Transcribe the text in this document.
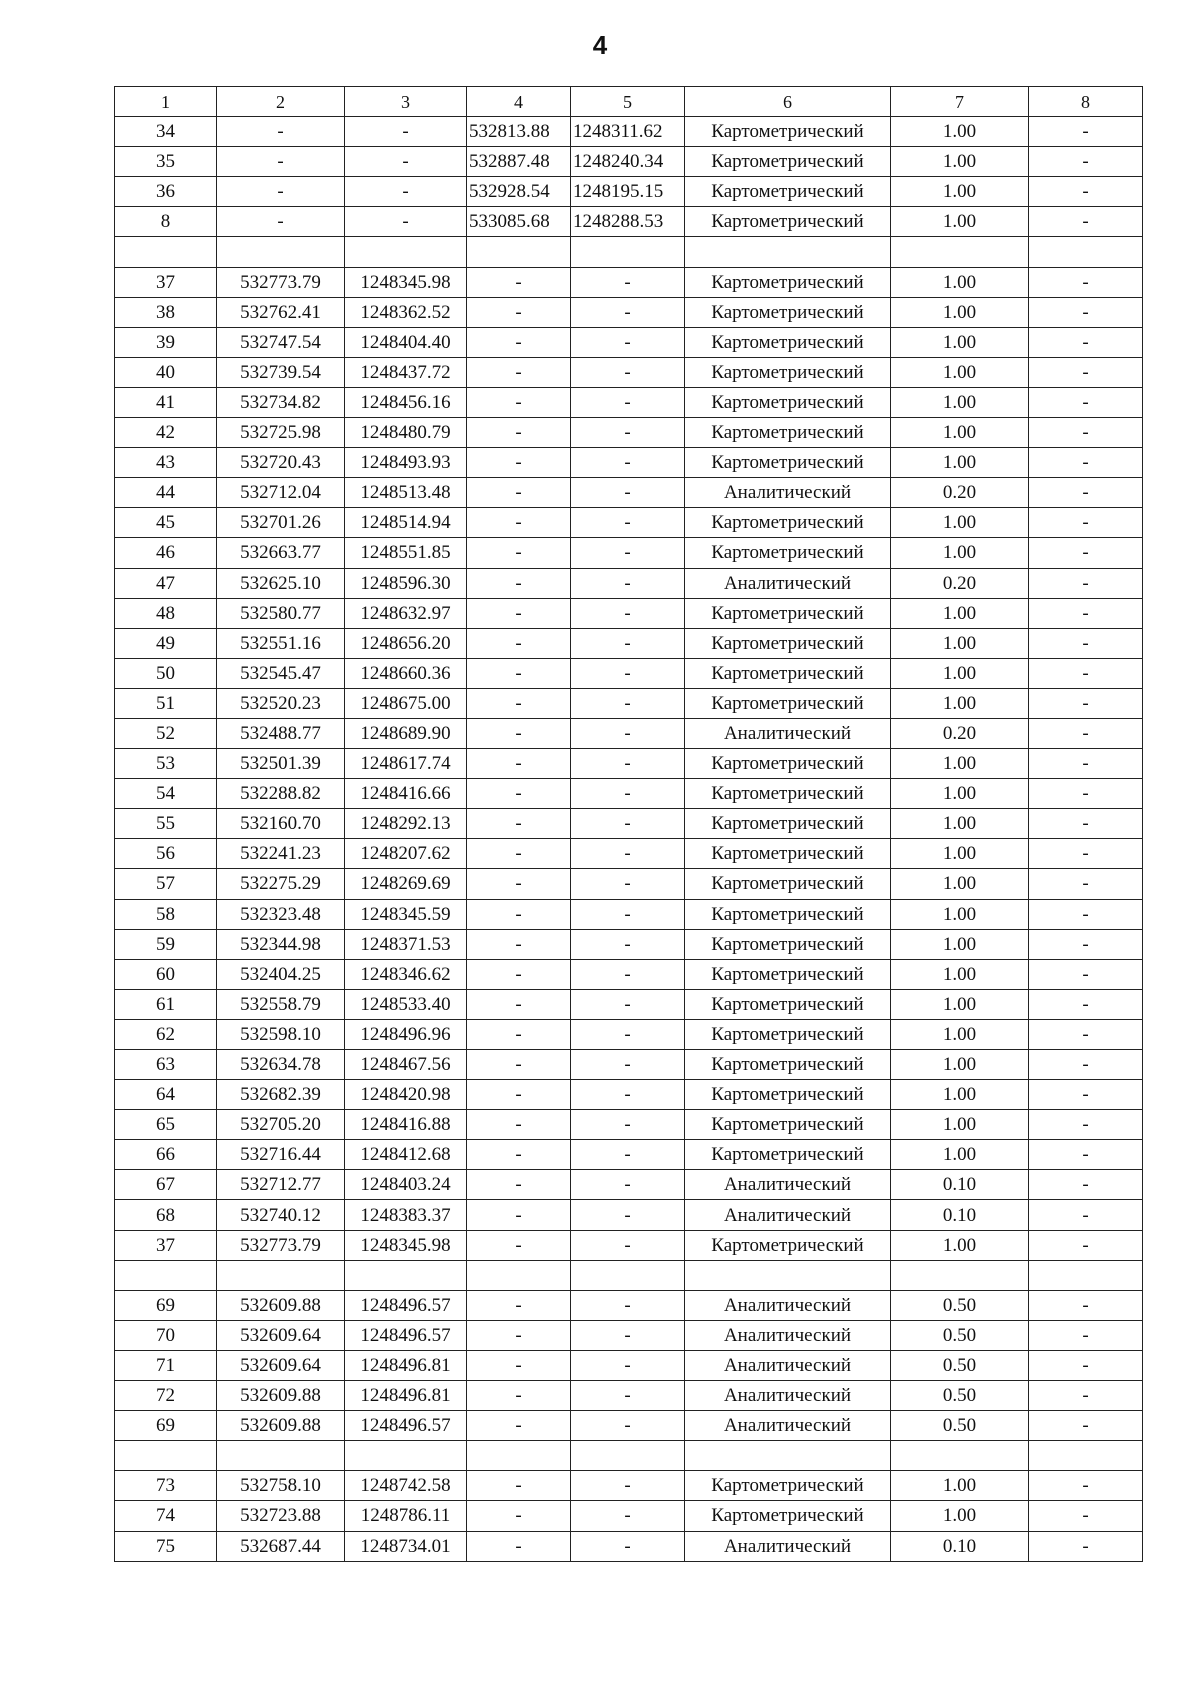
4
1	2	3	4	5	6	7	8
34	-	-	532813.88	1248311.62	Картометрический	1.00	-
35	-	-	532887.48	1248240.34	Картометрический	1.00	-
36	-	-	532928.54	1248195.15	Картометрический	1.00	-
8	-	-	533085.68	1248288.53	Картометрический	1.00	-

37	532773.79	1248345.98	-	-	Картометрический	1.00	-
38	532762.41	1248362.52	-	-	Картометрический	1.00	-
39	532747.54	1248404.40	-	-	Картометрический	1.00	-
40	532739.54	1248437.72	-	-	Картометрический	1.00	-
41	532734.82	1248456.16	-	-	Картометрический	1.00	-
42	532725.98	1248480.79	-	-	Картометрический	1.00	-
43	532720.43	1248493.93	-	-	Картометрический	1.00	-
44	532712.04	1248513.48	-	-	Аналитический	0.20	-
45	532701.26	1248514.94	-	-	Картометрический	1.00	-
46	532663.77	1248551.85	-	-	Картометрический	1.00	-
47	532625.10	1248596.30	-	-	Аналитический	0.20	-
48	532580.77	1248632.97	-	-	Картометрический	1.00	-
49	532551.16	1248656.20	-	-	Картометрический	1.00	-
50	532545.47	1248660.36	-	-	Картометрический	1.00	-
51	532520.23	1248675.00	-	-	Картометрический	1.00	-
52	532488.77	1248689.90	-	-	Аналитический	0.20	-
53	532501.39	1248617.74	-	-	Картометрический	1.00	-
54	532288.82	1248416.66	-	-	Картометрический	1.00	-
55	532160.70	1248292.13	-	-	Картометрический	1.00	-
56	532241.23	1248207.62	-	-	Картометрический	1.00	-
57	532275.29	1248269.69	-	-	Картометрический	1.00	-
58	532323.48	1248345.59	-	-	Картометрический	1.00	-
59	532344.98	1248371.53	-	-	Картометрический	1.00	-
60	532404.25	1248346.62	-	-	Картометрический	1.00	-
61	532558.79	1248533.40	-	-	Картометрический	1.00	-
62	532598.10	1248496.96	-	-	Картометрический	1.00	-
63	532634.78	1248467.56	-	-	Картометрический	1.00	-
64	532682.39	1248420.98	-	-	Картометрический	1.00	-
65	532705.20	1248416.88	-	-	Картометрический	1.00	-
66	532716.44	1248412.68	-	-	Картометрический	1.00	-
67	532712.77	1248403.24	-	-	Аналитический	0.10	-
68	532740.12	1248383.37	-	-	Аналитический	0.10	-
37	532773.79	1248345.98	-	-	Картометрический	1.00	-

69	532609.88	1248496.57	-	-	Аналитический	0.50	-
70	532609.64	1248496.57	-	-	Аналитический	0.50	-
71	532609.64	1248496.81	-	-	Аналитический	0.50	-
72	532609.88	1248496.81	-	-	Аналитический	0.50	-
69	532609.88	1248496.57	-	-	Аналитический	0.50	-

73	532758.10	1248742.58	-	-	Картометрический	1.00	-
74	532723.88	1248786.11	-	-	Картометрический	1.00	-
75	532687.44	1248734.01	-	-	Аналитический	0.10	-
